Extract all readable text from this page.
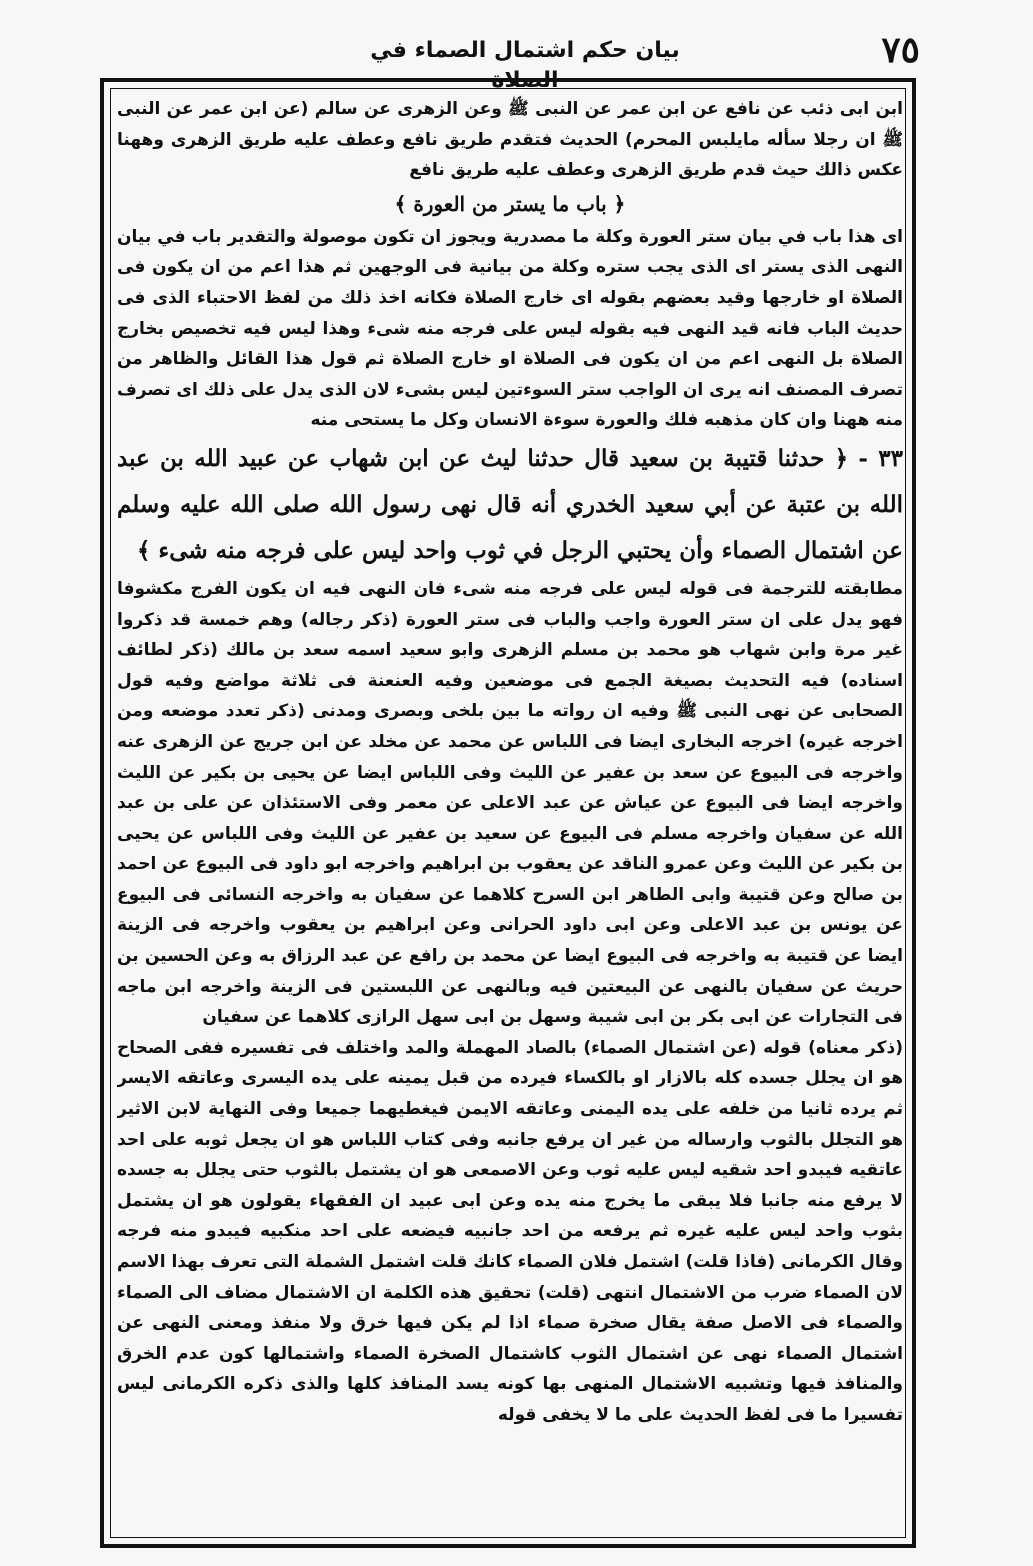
٧٥
بيان حكم اشتمال الصماء في الصلاة

ابن ابى ذئب عن نافع عن ابن عمر عن النبى ﷺ وعن الزهرى عن سالم (عن ابن عمر عن النبى ﷺ ان رجلا سأله مايلبس المحرم) الحديث فتقدم طريق نافع وعطف عليه طريق الزهرى وههنا عكس ذالك حيث قدم طريق الزهرى وعطف عليه طريق نافع

﴿ باب ما يستر من العورة ﴾

اى هذا باب في بيان ستر العورة وكلة ما مصدرية ويجوز ان تكون موصولة والتقدير باب في بيان النهى الذى يستر اى الذى يجب ستره وكلة من بيانية فى الوجهين ثم هذا اعم من ان يكون فى الصلاة او خارجها وقيد بعضهم بقوله اى خارج الصلاة فكانه اخذ ذلك من لفظ الاحتباء الذى فى حديث الباب فانه قيد النهى فيه بقوله ليس على فرجه منه شىء وهذا ليس فيه تخصيص بخارج الصلاة بل النهى اعم من ان يكون فى الصلاة او خارج الصلاة ثم قول هذا القائل والظاهر من تصرف المصنف انه يرى ان الواجب ستر السوءتين ليس بشىء لان الذى يدل على ذلك اى تصرف منه ههنا وان كان مذهبه فلك والعورة سوءة الانسان وكل ما يستحى منه

٣٣ - ﴿ حدثنا قتيبة بن سعيد قال حدثنا ليث عن ابن شهاب عن عبيد الله بن عبد الله بن عتبة عن أبي سعيد الخدري أنه قال نهى رسول الله صلى الله عليه وسلم عن اشتمال الصماء وأن يحتبي الرجل في ثوب واحد ليس على فرجه منه شىء ﴾

مطابقته للترجمة فى قوله ليس على فرجه منه شىء فان النهى فيه ان يكون الفرج مكشوفا فهو يدل على ان ستر العورة واجب والباب فى ستر العورة (ذكر رجاله) وهم خمسة قد ذكروا غير مرة وابن شهاب هو محمد بن مسلم الزهرى وابو سعيد اسمه سعد بن مالك (ذكر لطائف اسناده) فيه التحديث بصيغة الجمع فى موضعين وفيه العنعنة فى ثلاثة مواضع وفيه قول الصحابى عن نهى النبى ﷺ وفيه ان رواته ما بين بلخى وبصرى ومدنى (ذكر تعدد موضعه ومن اخرجه غيره) اخرجه البخارى ايضا فى اللباس عن محمد عن مخلد عن ابن جريج عن الزهرى عنه واخرجه فى البيوع عن سعد بن عفير عن الليث وفى اللباس ايضا عن يحيى بن بكير عن الليث واخرجه ايضا فى البيوع عن عياش عن عبد الاعلى عن معمر وفى الاستئذان عن على بن عبد الله عن سفيان واخرجه مسلم فى البيوع عن سعيد بن عفير عن الليث وفى اللباس عن يحيى بن بكير عن الليث وعن عمرو الناقد عن يعقوب بن ابراهيم واخرجه ابو داود فى البيوع عن احمد بن صالح وعن قتيبة وابى الطاهر ابن السرح كلاهما عن سفيان به واخرجه النسائى فى البيوع عن يونس بن عبد الاعلى وعن ابى داود الحرانى وعن ابراهيم بن يعقوب واخرجه فى الزينة ايضا عن قتيبة به واخرجه فى البيوع ايضا عن محمد بن رافع عن عبد الرزاق به وعن الحسين بن حريث عن سفيان بالنهى عن البيعتين فيه وبالنهى عن اللبستين فى الزينة واخرجه ابن ماجه فى التجارات عن ابى بكر بن ابى شيبة وسهل بن ابى سهل الرازى كلاهما عن سفيان

(ذكر معناه) قوله (عن اشتمال الصماء) بالصاد المهملة والمد واختلف فى تفسيره ففى الصحاح هو ان يجلل جسده كله بالازار او بالكساء فيرده من قبل يمينه على يده اليسرى وعاتقه الايسر ثم يرده ثانيا من خلفه على يده اليمنى وعاتقه الايمن فيغطيهما جميعا وفى النهاية لابن الاثير هو التجلل بالثوب وارساله من غير ان يرفع جانبه وفى كتاب اللباس هو ان يجعل ثوبه على احد عاتقيه فيبدو احد شقيه ليس عليه ثوب وعن الاصمعى هو ان يشتمل بالثوب حتى يجلل به جسده لا يرفع منه جانبا فلا يبقى ما يخرج منه يده وعن ابى عبيد ان الفقهاء يقولون هو ان يشتمل بثوب واحد ليس عليه غيره ثم يرفعه من احد جانبيه فيضعه على احد منكبيه فيبدو منه فرجه وقال الكرمانى (فاذا قلت) اشتمل فلان الصماء كانك قلت اشتمل الشملة التى تعرف بهذا الاسم لان الصماء ضرب من الاشتمال انتهى (قلت) تحقيق هذه الكلمة ان الاشتمال مضاف الى الصماء والصماء فى الاصل صفة يقال صخرة صماء اذا لم يكن فيها خرق ولا منفذ ومعنى النهى عن اشتمال الصماء نهى عن اشتمال الثوب كاشتمال الصخرة الصماء واشتمالها كون عدم الخرق والمنافذ فيها وتشبيه الاشتمال المنهى بها كونه يسد المنافذ كلها والذى ذكره الكرمانى ليس تفسيرا ما فى لفظ الحديث على ما لا يخفى قوله
